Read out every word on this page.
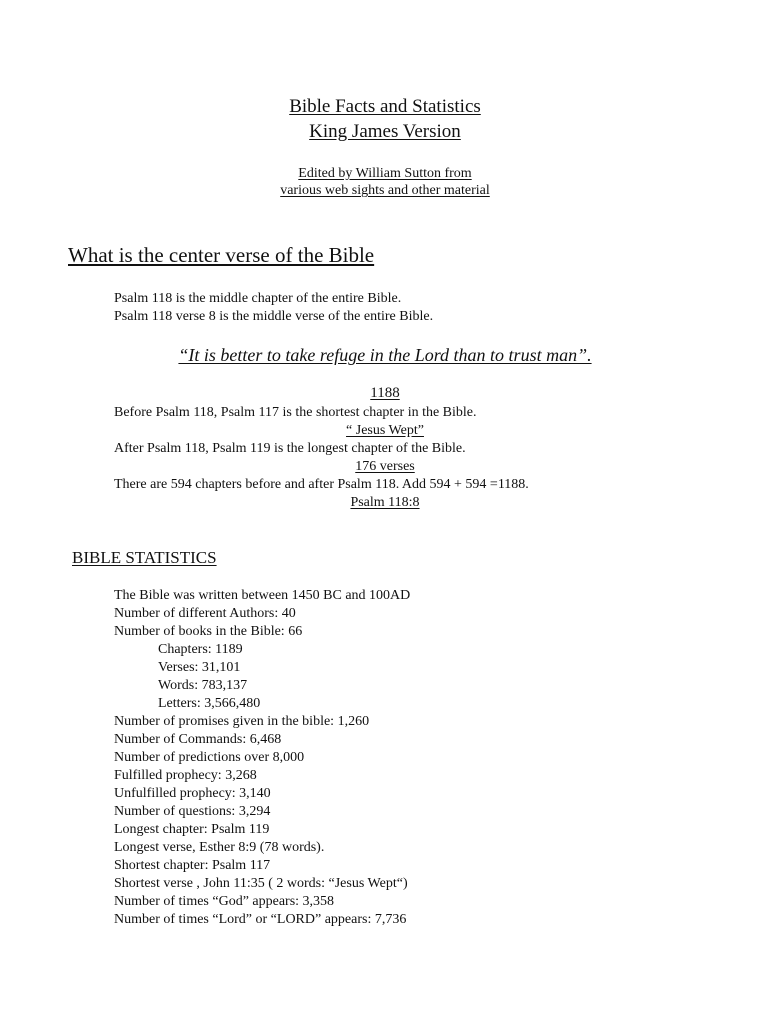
Bible Facts and Statistics
King James Version
Edited by William Sutton from
various web sights and other material
What is the center verse of the Bible
Psalm 118 is the middle chapter of the entire Bible.
Psalm 118 verse 8 is the middle verse of the entire Bible.
“It is better to take refuge in the Lord than to trust man”.
1188
Before Psalm 118, Psalm 117 is the shortest chapter in the Bible.
“ Jesus Wept”
After Psalm 118, Psalm 119 is the longest chapter of the Bible.
176 verses
There are 594 chapters before and after Psalm 118. Add 594 + 594 =1188.
Psalm 118:8
BIBLE STATISTICS
The Bible was written between 1450 BC and 100AD
Number of different Authors: 40
Number of books in the Bible: 66
Chapters: 1189
Verses: 31,101
Words: 783,137
Letters: 3,566,480
Number of promises given in the bible: 1,260
Number of Commands: 6,468
Number of predictions over 8,000
Fulfilled prophecy: 3,268
Unfulfilled prophecy: 3,140
Number of questions: 3,294
Longest chapter: Psalm 119
Longest verse, Esther 8:9 (78 words).
Shortest chapter: Psalm 117
Shortest verse , John 11:35 ( 2 words: “Jesus Wept“)
Number of times “God” appears: 3,358
Number of times “Lord” or “LORD” appears: 7,736
